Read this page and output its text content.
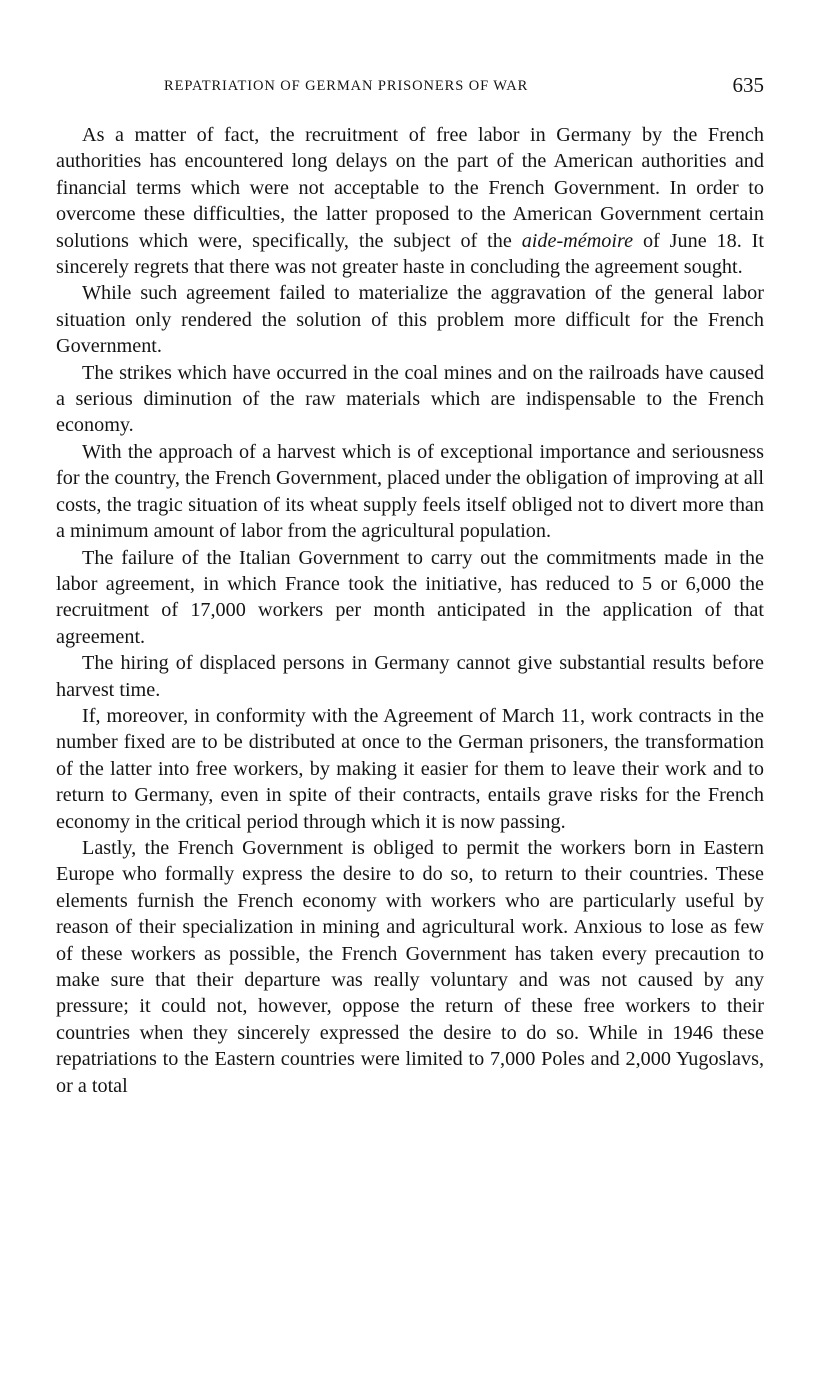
REPATRIATION OF GERMAN PRISONERS OF WAR	635

As a matter of fact, the recruitment of free labor in Germany by the French authorities has encountered long delays on the part of the American authorities and financial terms which were not acceptable to the French Government. In order to overcome these difficulties, the latter proposed to the American Government certain solutions which were, specifically, the subject of the aide-mémoire of June 18. It sincerely regrets that there was not greater haste in concluding the agreement sought.

While such agreement failed to materialize the aggravation of the general labor situation only rendered the solution of this problem more difficult for the French Government.

The strikes which have occurred in the coal mines and on the railroads have caused a serious diminution of the raw materials which are indispensable to the French economy.

With the approach of a harvest which is of exceptional importance and seriousness for the country, the French Government, placed under the obligation of improving at all costs, the tragic situation of its wheat supply feels itself obliged not to divert more than a minimum amount of labor from the agricultural population.

The failure of the Italian Government to carry out the commitments made in the labor agreement, in which France took the initiative, has reduced to 5 or 6,000 the recruitment of 17,000 workers per month anticipated in the application of that agreement.

The hiring of displaced persons in Germany cannot give substantial results before harvest time.

If, moreover, in conformity with the Agreement of March 11, work contracts in the number fixed are to be distributed at once to the German prisoners, the transformation of the latter into free workers, by making it easier for them to leave their work and to return to Germany, even in spite of their contracts, entails grave risks for the French economy in the critical period through which it is now passing.

Lastly, the French Government is obliged to permit the workers born in Eastern Europe who formally express the desire to do so, to return to their countries. These elements furnish the French economy with workers who are particularly useful by reason of their specialization in mining and agricultural work. Anxious to lose as few of these workers as possible, the French Government has taken every precaution to make sure that their departure was really voluntary and was not caused by any pressure; it could not, however, oppose the return of these free workers to their countries when they sincerely expressed the desire to do so. While in 1946 these repatriations to the Eastern countries were limited to 7,000 Poles and 2,000 Yugoslavs, or a total
